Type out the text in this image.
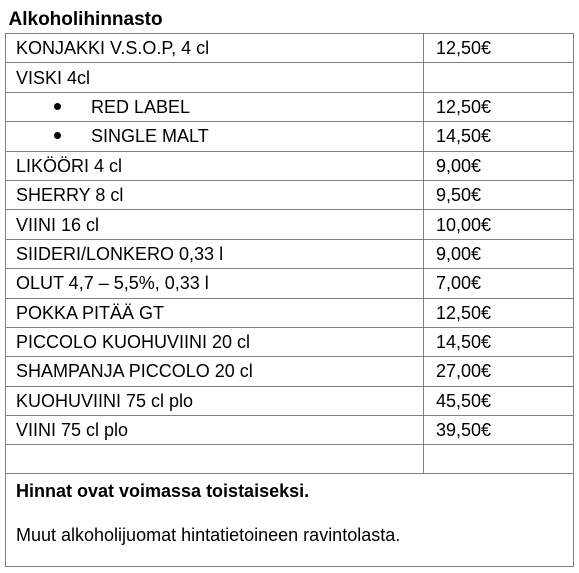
Alkoholihinnasto	
KONJAKKI V.S.O.P, 4 cl	12,50€
VISKI 4cl	
RED LABEL	12,50€
SINGLE MALT	14,50€
LIKÖÖRI 4 cl	9,00€
SHERRY 8 cl	9,50€
VIINI 16 cl	10,00€
SIIDERI/LONKERO 0,33 l	9,00€
OLUT 4,7 – 5,5%, 0,33 l	7,00€
POKKA PITÄÄ GT	12,50€
PICCOLO KUOHUVIINI 20 cl	14,50€
SHAMPANJA PICCOLO 20 cl	27,00€
KUOHUVIINI 75 cl plo	45,50€
VIINI 75 cl plo	39,50€

Hinnat ovat voimassa toistaiseksi.
Muut alkoholijuomat hintatietoineen ravintolasta.	
